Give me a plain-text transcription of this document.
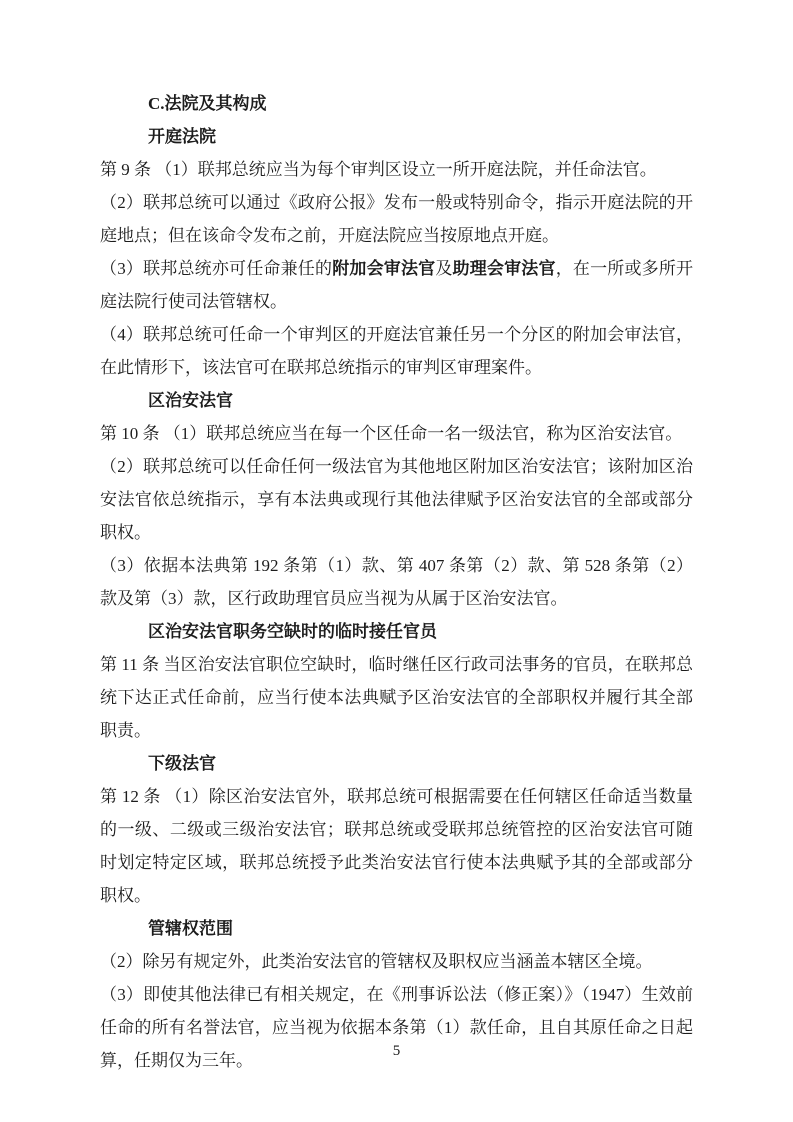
C.法院及其构成
开庭法院
第 9 条 （1）联邦总统应当为每个审判区设立一所开庭法院，并任命法官。
（2）联邦总统可以通过《政府公报》发布一般或特别命令，指示开庭法院的开庭地点；但在该命令发布之前，开庭法院应当按原地点开庭。
（3）联邦总统亦可任命兼任的附加会审法官及助理会审法官，在一所或多所开庭法院行使司法管辖权。
（4）联邦总统可任命一个审判区的开庭法官兼任另一个分区的附加会审法官，在此情形下，该法官可在联邦总统指示的审判区审理案件。
区治安法官
第 10 条 （1）联邦总统应当在每一个区任命一名一级法官，称为区治安法官。
（2）联邦总统可以任命任何一级法官为其他地区附加区治安法官；该附加区治安法官依总统指示，享有本法典或现行其他法律赋予区治安法官的全部或部分职权。
（3）依据本法典第 192 条第（1）款、第 407 条第（2）款、第 528 条第（2）款及第（3）款，区行政助理官员应当视为从属于区治安法官。
区治安法官职务空缺时的临时接任官员
第 11 条 当区治安法官职位空缺时，临时继任区行政司法事务的官员，在联邦总统下达正式任命前，应当行使本法典赋予区治安法官的全部职权并履行其全部职责。
下级法官
第 12 条 （1）除区治安法官外，联邦总统可根据需要在任何辖区任命适当数量的一级、二级或三级治安法官；联邦总统或受联邦总统管控的区治安法官可随时划定特定区域，联邦总统授予此类治安法官行使本法典赋予其的全部或部分职权。
管辖权范围
（2）除另有规定外，此类治安法官的管辖权及职权应当涵盖本辖区全境。
（3）即使其他法律已有相关规定，在《刑事诉讼法（修正案）》（1947）生效前任命的所有名誉法官，应当视为依据本条第（1）款任命，且自其原任命之日起算，任期仅为三年。	5
